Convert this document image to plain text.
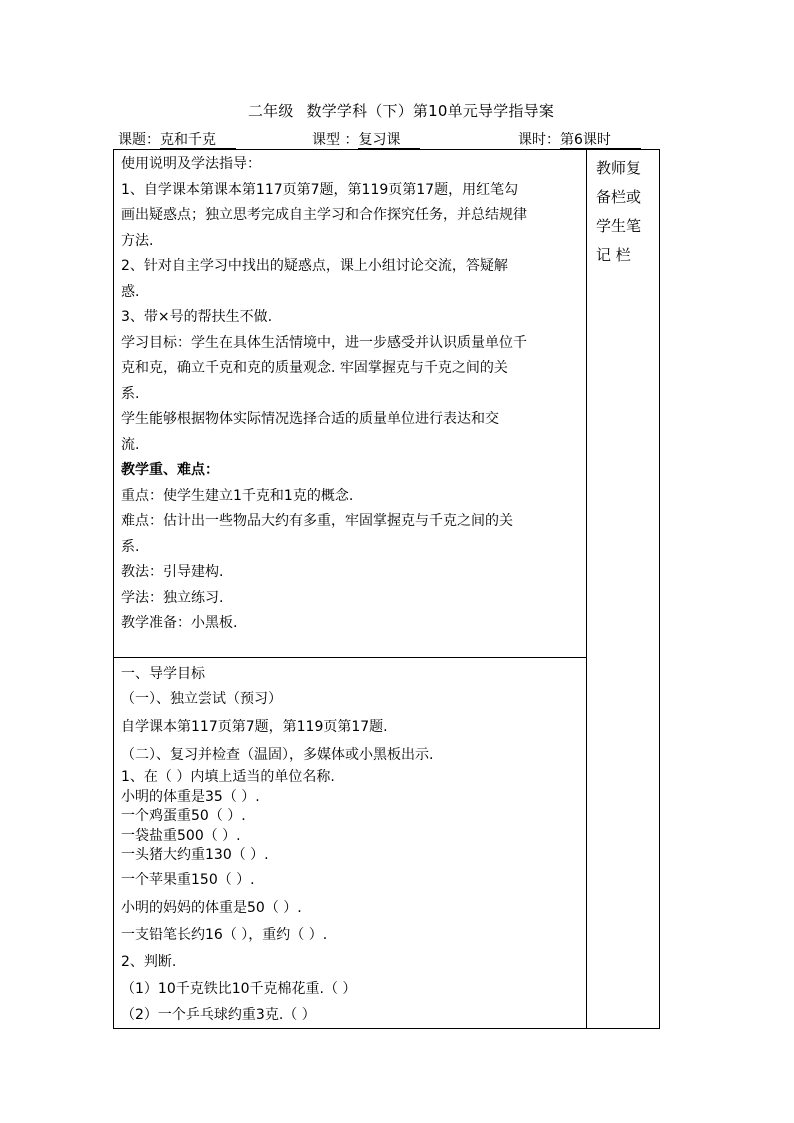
二年级 数学学科（下）第10单元导学指导案
课题：克和千克	课型 ：复习课	课时：第6课时

使用说明及学法指导：

1、自学课本第课本第117页第7题，第119页第17题，用红笔勾

画出疑惑点；独立思考完成自主学习和合作探究任务，并总结规律

方法.

2、针对自主学习中找出的疑惑点，课上小组讨论交流，答疑解

惑.

3、带×号的帮扶生不做.

学习目标：学生在具体生活情境中，进一步感受并认识质量单位千

克和克，确立千克和克的质量观念. 牢固掌握克与千克之间的关

系.

学生能够根据物体实际情况选择合适的质量单位进行表达和交

流.

教学重、难点：

重点：使学生建立1千克和1克的概念.

难点：估计出一些物品大约有多重，牢固掌握克与千克之间的关

系.

教法：引导建构.

学法：独立练习.

教学准备：小黑板.

教师复
备栏或
学生笔
记 栏

一、导学目标

（一）、独立尝试（预习）

自学课本第117页第7题，第119页第17题.

（二）、复习并检查（温固），多媒体或小黑板出示.

1、在（ ）内填上适当的单位名称.

小明的体重是35（ ）.

一个鸡蛋重50（ ）.

一袋盐重500（ ）.

一头猪大约重130（ ）.

一个苹果重150（ ）.

小明的妈妈的体重是50（ ）.

一支铅笔长约16（ ），重约（ ）.

2、判断.

（1）10千克铁比10千克棉花重.（ ）

（2）一个乒乓球约重3克.（ ）
